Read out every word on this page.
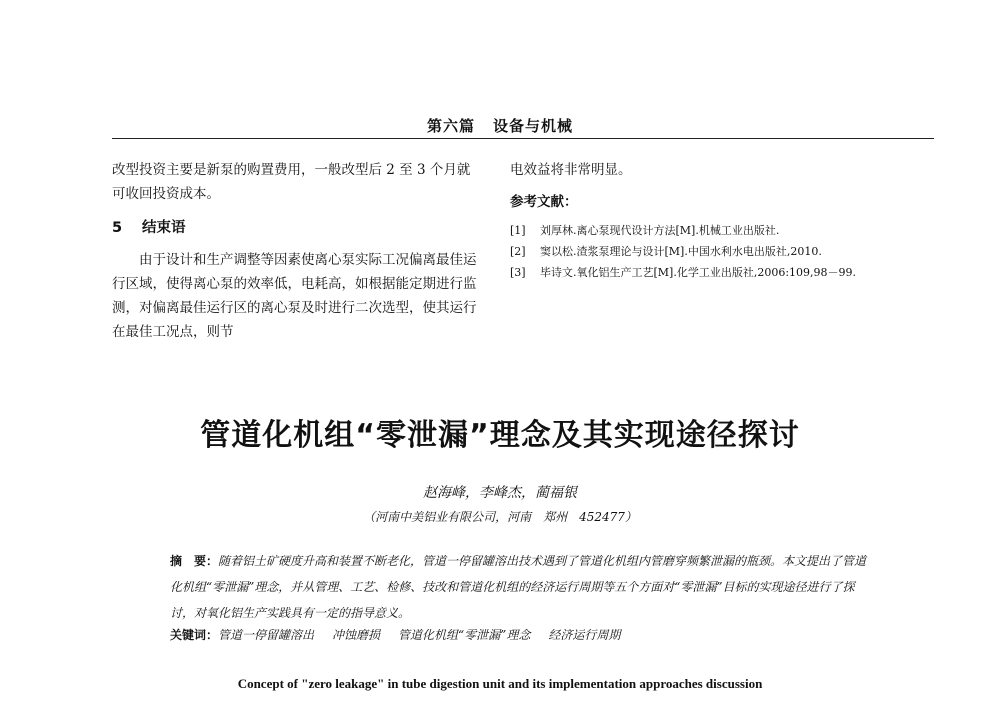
第六篇 设备与机械

改型投资主要是新泵的购置费用，一般改型后 2 至 3 个月就可收回投资成本。

5 结束语

由于设计和生产调整等因素使离心泵实际工况偏离最佳运行区域，使得离心泵的效率低，电耗高，如根据能定期进行监测，对偏离最佳运行区的离心泵及时进行二次选型，使其运行在最佳工况点，则节

电效益将非常明显。

参考文献：
[1]	刘厚林.离心泵现代设计方法[M].机械工业出版社.
[2]	窦以松.渣浆泵理论与设计[M].中国水利水电出版社,2010.
[3]	毕诗文.氧化铝生产工艺[M].化学工业出版社,2006:109,98－99.
管道化机组“零泄漏”理念及其实现途径探讨
赵海峰，李峰杰，蔺福银
（河南中美铝业有限公司，河南　郑州　452477）
摘　要：随着铝土矿硬度升高和装置不断老化，管道一停留罐溶出技术遇到了管道化机组内管磨穿频繁泄漏的瓶颈。本文提出了管道化机组“零泄漏”理念，并从管理、工艺、检修、技改和管道化机组的经济运行周期等五个方面对“零泄漏”目标的实现途径进行了探讨，对氧化铝生产实践具有一定的指导意义。
关键词：管道一停留罐溶出 冲蚀磨损 管道化机组“零泄漏”理念 经济运行周期
Concept of "zero leakage" in tube digestion unit and its implementation approaches discussion
